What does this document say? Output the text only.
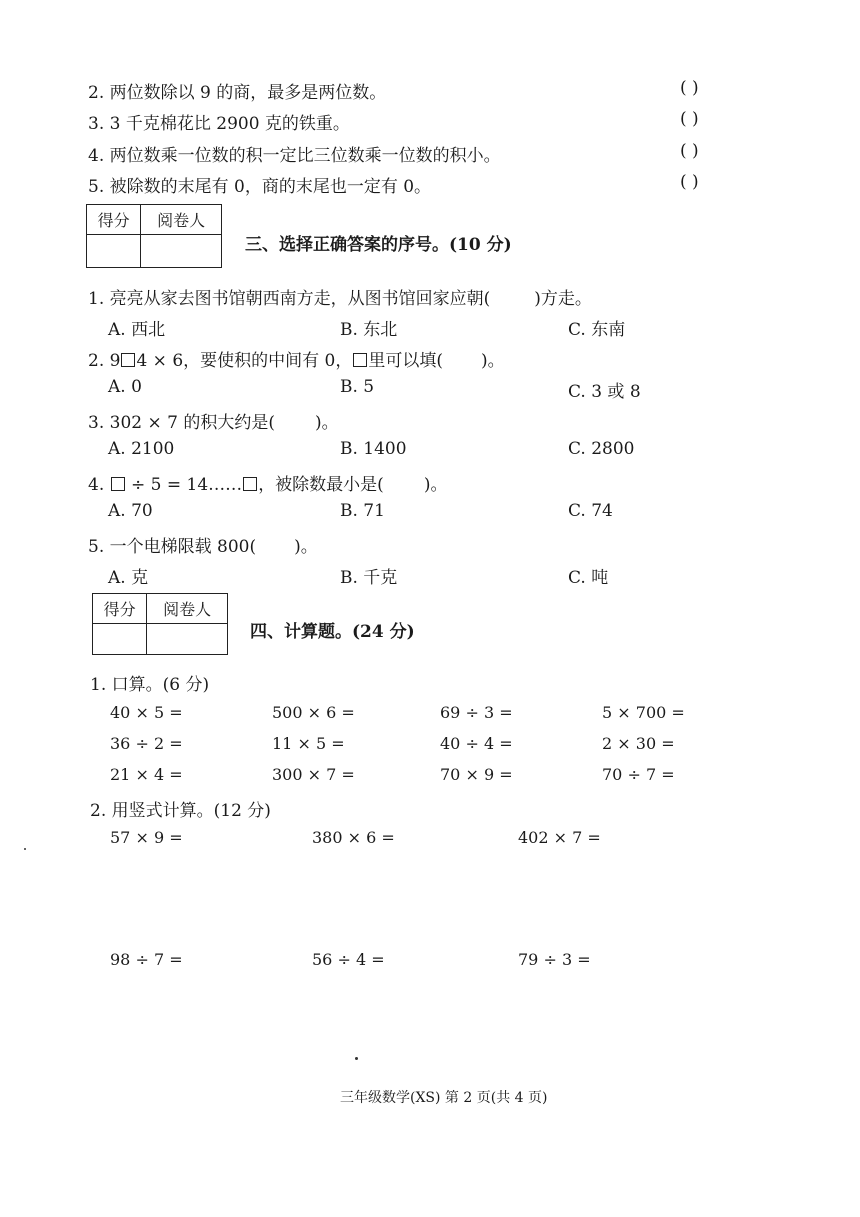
2. 两位数除以 9 的商，最多是两位数。	( )
3. 3 千克棉花比 2900 克的铁重。	( )
4. 两位数乘一位数的积一定比三位数乘一位数的积小。	( )
5. 被除数的末尾有 0，商的末尾也一定有 0。	( )
得分	阅卷人

三、选择正确答案的序号。(10 分)
1. 亮亮从家去图书馆朝西南方走，从图书馆回家应朝(	)方走。
A. 西北	B. 东北	C. 东南
2. 9 4 × 6，要使积的中间有 0， 里可以填( )。
A. 0	B. 5	C. 3 或 8
3. 302 × 7 的积大约是( )。
A. 2100	B. 1400	C. 2800
4.  ÷ 5 = 14…… ，被除数最小是( )。
A. 70	B. 71	C. 74
5. 一个电梯限载 800( )。
A. 克	B. 千克	C. 吨
得分	阅卷人

四、计算题。(24 分)
1. 口算。(6 分)
40 × 5 =	500 × 6 =	69 ÷ 3 =	5 × 700 =
36 ÷ 2 =	11 × 5 =	40 ÷ 4 =	2 × 30 =
21 × 4 =	300 × 7 =	70 × 9 =	70 ÷ 7 =
2. 用竖式计算。(12 分)
57 × 9 =	380 × 6 =	402 × 7 =
98 ÷ 7 =	56 ÷ 4 =	79 ÷ 3 =
三年级数学(XS) 第 2 页(共 4 页)
